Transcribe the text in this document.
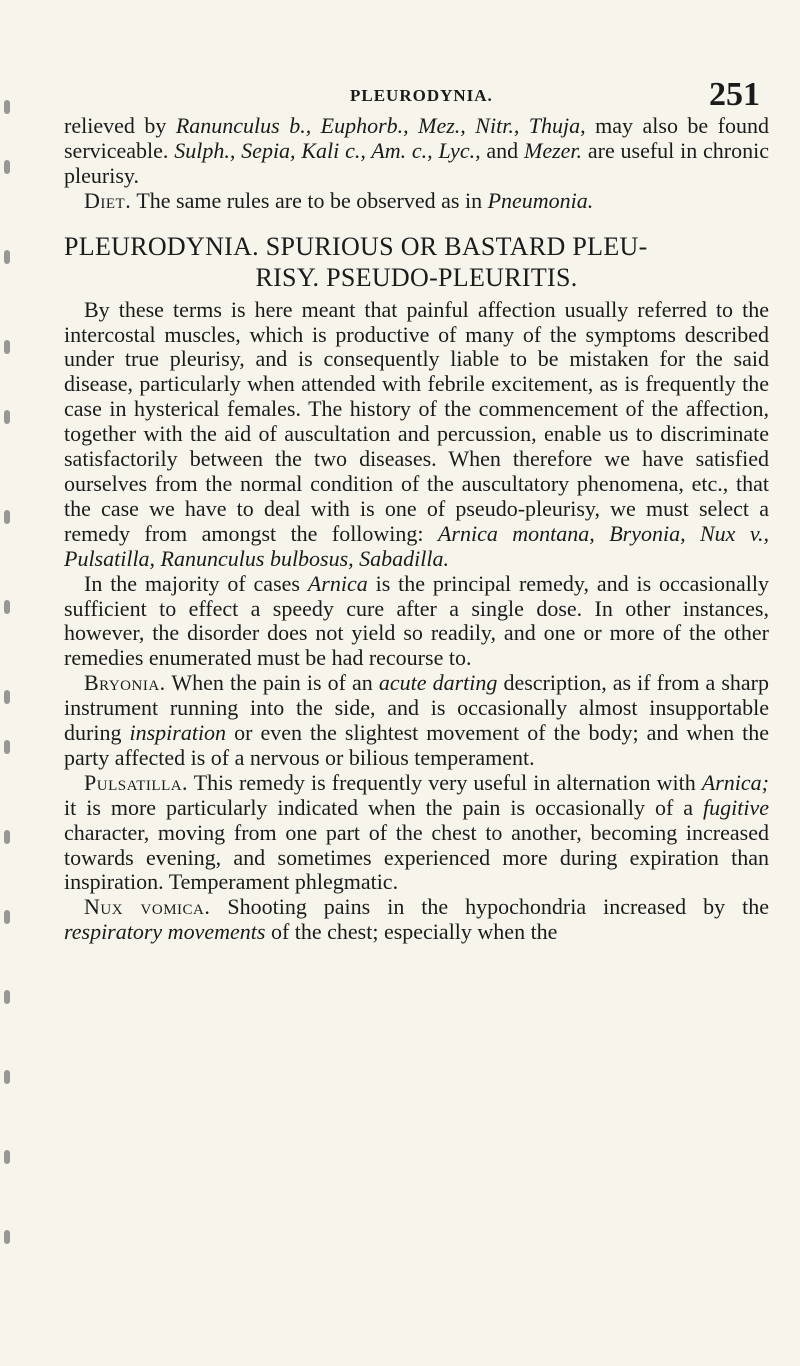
PLEURODYNIA.	251

relieved by Ranunculus b., Euphorb., Mez., Nitr., Thuja, may also be found serviceable. Sulph., Sepia, Kali c., Am. c., Lyc., and Mezer. are useful in chronic pleurisy.

Diet. The same rules are to be observed as in Pneumonia.

PLEURODYNIA. SPURIOUS OR BASTARD PLEU-
RISY. PSEUDO-PLEURITIS.

By these terms is here meant that painful affection usually referred to the intercostal muscles, which is productive of many of the symptoms described under true pleurisy, and is consequently liable to be mistaken for the said disease, particularly when attended with febrile excitement, as is frequently the case in hysterical females. The history of the commencement of the affection, together with the aid of auscultation and percussion, enable us to discriminate satisfactorily between the two diseases. When therefore we have satisfied ourselves from the normal condition of the auscultatory phenomena, etc., that the case we have to deal with is one of pseudo-pleurisy, we must select a remedy from amongst the following: Arnica montana, Bryonia, Nux v., Pulsatilla, Ranunculus bulbosus, Sabadilla.

In the majority of cases Arnica is the principal remedy, and is occasionally sufficient to effect a speedy cure after a single dose. In other instances, however, the disorder does not yield so readily, and one or more of the other remedies enumerated must be had recourse to.

Bryonia. When the pain is of an acute darting description, as if from a sharp instrument running into the side, and is occasionally almost insupportable during inspiration or even the slightest movement of the body; and when the party affected is of a nervous or bilious temperament.

Pulsatilla. This remedy is frequently very useful in alternation with Arnica; it is more particularly indicated when the pain is occasionally of a fugitive character, moving from one part of the chest to another, becoming increased towards evening, and sometimes experienced more during expiration than inspiration. Temperament phlegmatic.

Nux vomica. Shooting pains in the hypochondria increased by the respiratory movements of the chest; especially when the
